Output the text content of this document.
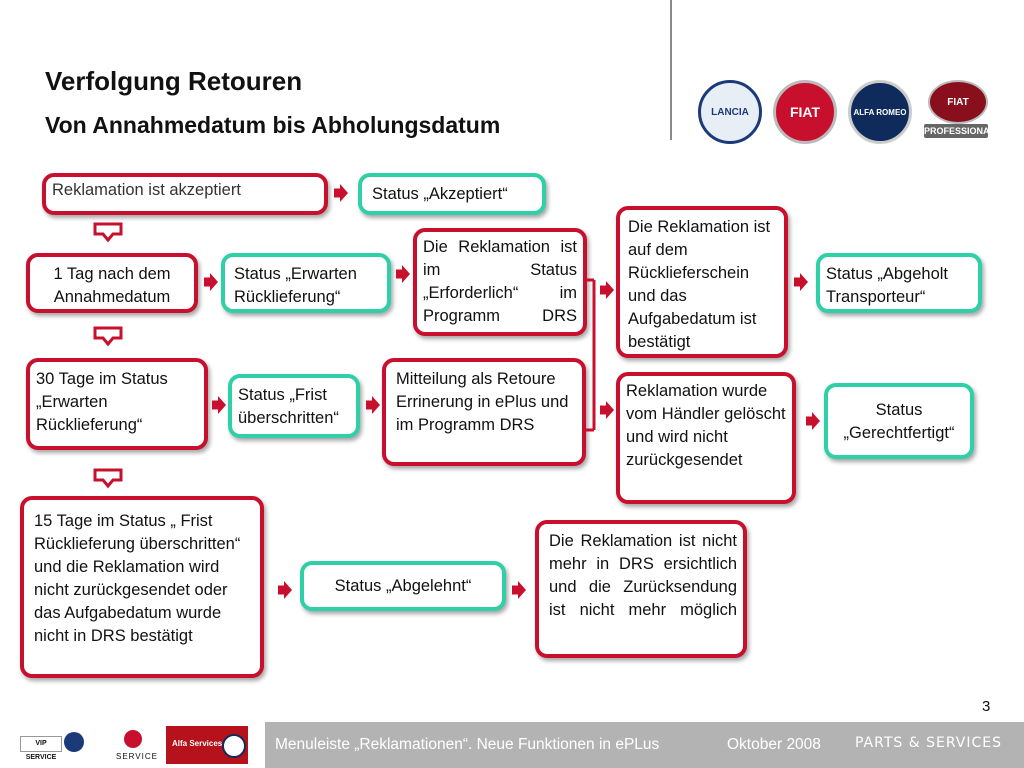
Verfolgung Retouren
Von Annahmedatum bis Abholungsdatum	LANCIA	FIAT	ALFA ROMEO
FIAT
PROFESSIONAL
Reklamation ist akzeptiert	Status „Akzeptiert“
1 Tag nach dem Annahmedatum
Status „Erwarten Rücklieferung“
Die Reklamation ist im Status „Erforderlich“ im Programm DRS
Die Reklamation ist auf dem Rücklieferschein und das Aufgabedatum ist bestätigt
Status „Abgeholt Transporteur“
30 Tage im Status „Erwarten Rücklieferung“
Status „Frist überschritten“
Mitteilung als Retoure Errinerung in ePlus und im Programm DRS
Reklamation wurde vom Händler gelöscht und wird nicht zurückgesendet
Status „Gerechtfertigt“
15 Tage im Status „ Frist Rücklieferung überschritten“ und die Reklamation wird nicht zurückgesendet oder das Aufgabedatum wurde nicht in DRS bestätigt
Status „Abgelehnt“
Die Reklamation ist nicht mehr in DRS ersichtlich und die Zurücksendung ist nicht mehr möglich
3
VIP SERVICE	SERVICE
Alfa Services	Menuleiste „Reklamationen“. Neue Funktionen in ePLus	Oktober 2008 PARTS & SERVICES
